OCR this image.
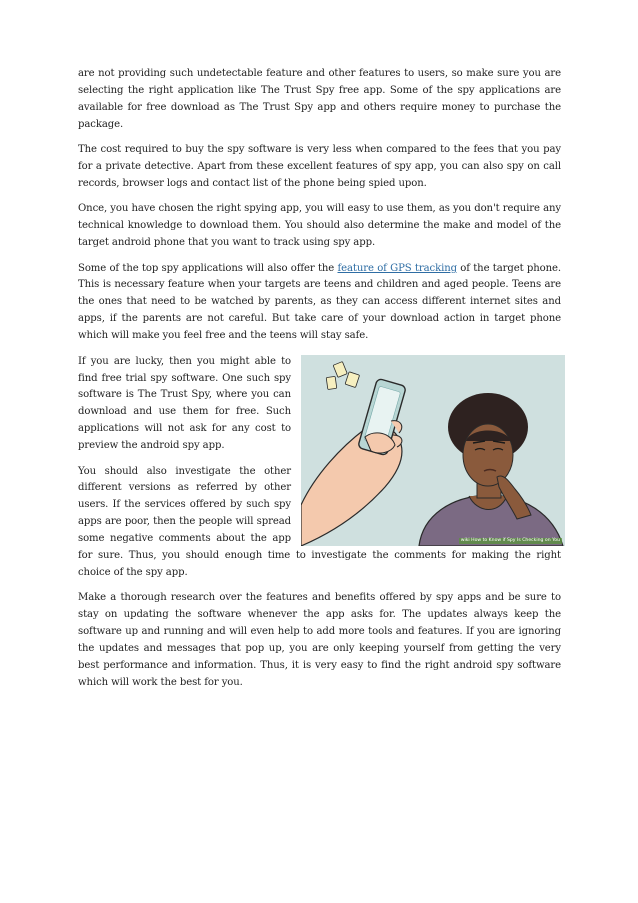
are not providing such undetectable feature and other features to users, so make sure you are selecting the right application like The Trust Spy free app. Some of the spy applications are available for free download as The Trust Spy app and others require money to purchase the package.

The cost required to buy the spy software is very less when compared to the fees that you pay for a private detective. Apart from these excellent features of spy app, you can also spy on call records, browser logs and contact list of the phone being spied upon.

Once, you have chosen the right spying app, you will easy to use them, as you don't require any technical knowledge to download them. You should also determine the make and model of the target android phone that you want to track using spy app.

Some of the top spy applications will also offer the feature of GPS tracking of the target phone. This is necessary feature when your targets are teens and children and aged people. Teens are the ones that need to be watched by parents, as they can access different internet sites and apps, if the parents are not careful. But take care of your download action in target phone which will make you feel free and the teens will stay safe.

wiki How to Know if Spy Is Checking on You

If you are lucky, then you might able to find free trial spy software. One such spy software is The Trust Spy, where you can download and use them for free. Such applications will not ask for any cost to preview the android spy app.

You should also investigate the other different versions as referred by other users. If the services offered by such spy apps are poor, then the people will spread some negative comments about the app for sure. Thus, you should enough time to investigate the comments for making the right choice of the spy app.

Make a thorough research over the features and benefits offered by spy apps and be sure to stay on updating the software whenever the app asks for. The updates always keep the software up and running and will even help to add more tools and features. If you are ignoring the updates and messages that pop up, you are only keeping yourself from getting the very best performance and information. Thus, it is very easy to find the right android spy software which will work the best for you.
